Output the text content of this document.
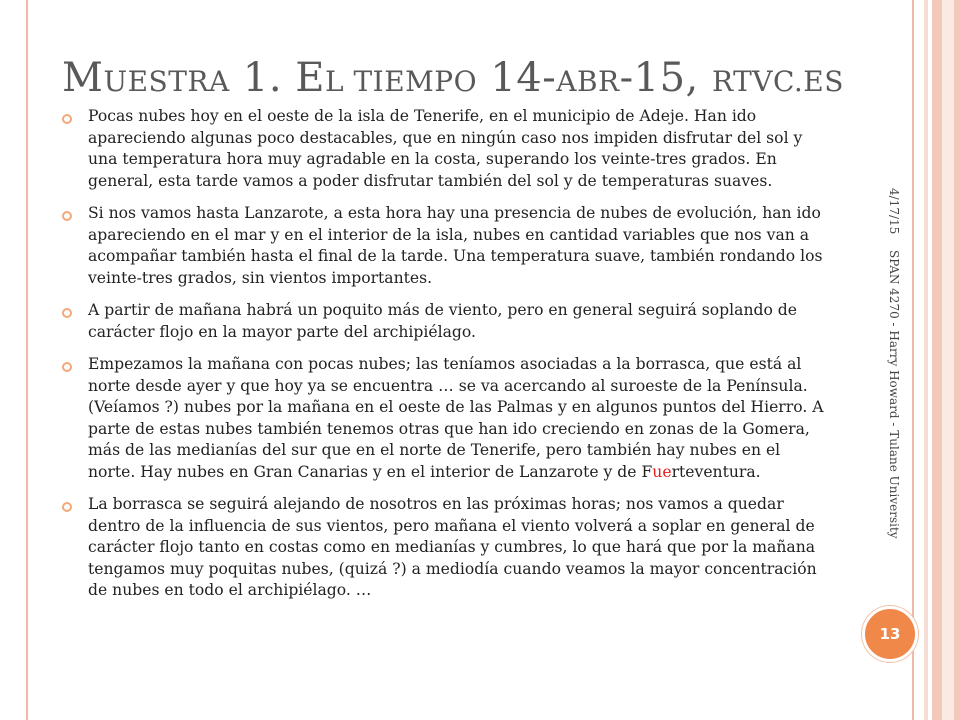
MUESTRA 1. EL TIEMPO 14-ABR-15, RTVC.ES
Pocas nubes hoy en el oeste de la isla de Tenerife, en el municipio de Adeje. Han ido apareciendo algunas poco destacables, que en ningún caso nos impiden disfrutar del sol y una temperatura hora muy agradable en la costa, superando los veinte-tres grados. En general, esta tarde vamos a poder disfrutar también del sol y de temperaturas suaves.
Si nos vamos hasta Lanzarote, a esta hora hay una presencia de nubes de evolución, han ido apareciendo en el mar y en el interior de la isla, nubes en cantidad variables que nos van a acompañar también hasta el final de la tarde. Una temperatura suave, también rondando los veinte-tres grados, sin vientos importantes.
A partir de mañana habrá un poquito más de viento, pero en general seguirá soplando de carácter flojo en la mayor parte del archipiélago.
Empezamos la mañana con pocas nubes; las teníamos asociadas a la borrasca, que está al norte desde ayer y que hoy ya se encuentra … se va acercando al suroeste de la Península. (Veíamos ?) nubes por la mañana en el oeste de las Palmas y en algunos puntos del Hierro. A parte de estas nubes también tenemos otras que han ido creciendo en zonas de la Gomera, más de las medianías del sur que en el norte de Tenerife, pero también hay nubes en el norte. Hay nubes en Gran Canarias y en el interior de Lanzarote y de Fuerteventura.
La borrasca se seguirá alejando de nosotros en las próximas horas; nos vamos a quedar dentro de la influencia de sus vientos, pero mañana el viento volverá a soplar en general de carácter flojo tanto en costas como en medianías y cumbres, lo que hará que por la mañana tengamos muy poquitas nubes, (quizá ?) a mediodía cuando veamos la mayor concentración de nubes en todo el archipiélago. …
4/17/15
SPAN 4270 - Harry Howard - Tulane University
13
